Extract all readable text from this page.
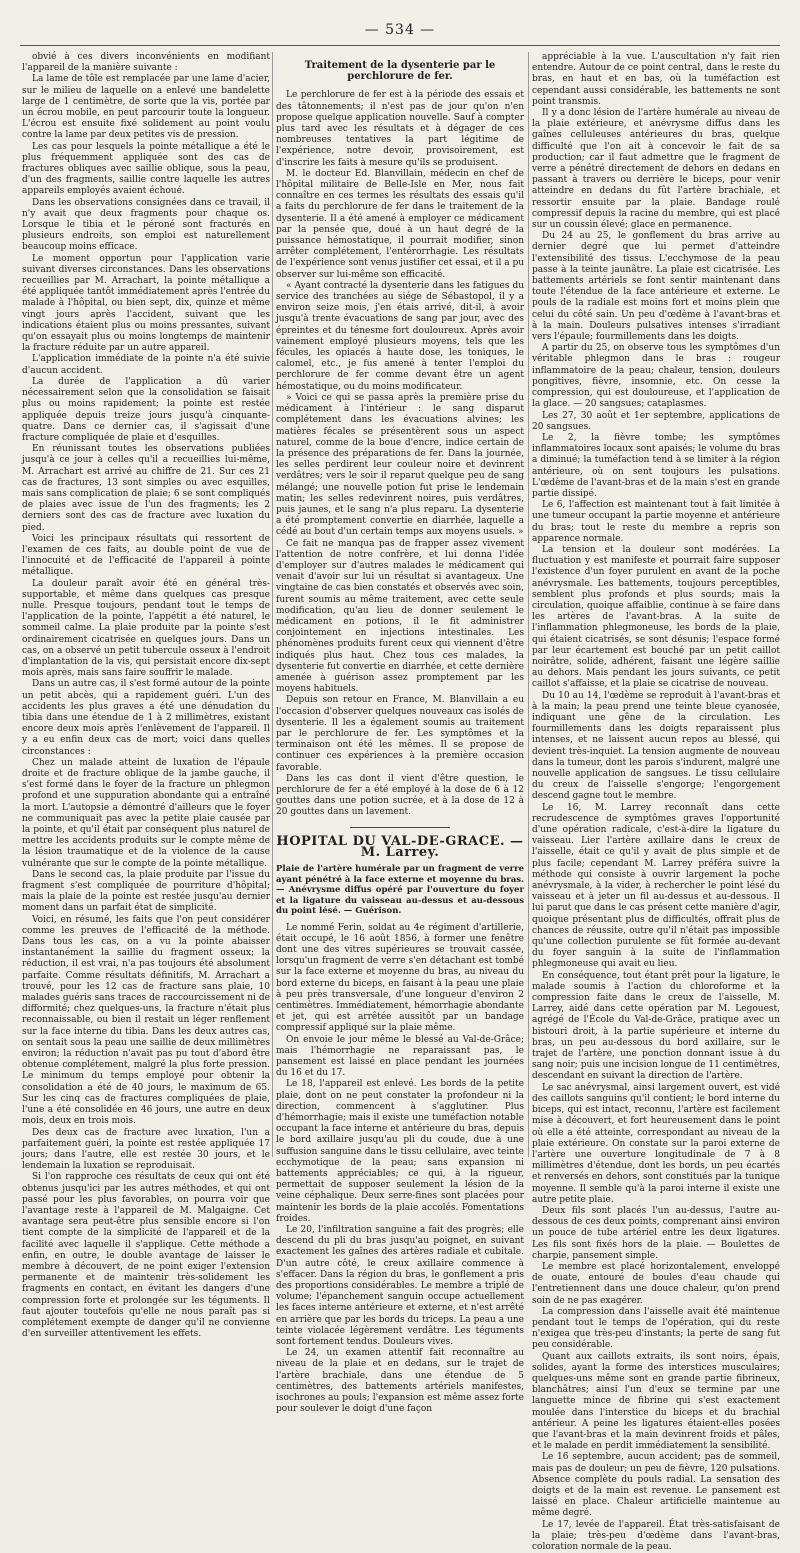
— 534 —

obvié à ces divers inconvénients en modifiant l'appareil de la manière suivante :

La lame de tôle est remplacée par une lame d'acier, sur le milieu de laquelle on a enlevé une bandelette large de 1 centimètre, de sorte que la vis, portée par un écrou mobile, en peut parcourir toute la longueur. L'écrou est ensuite fixé solidement au point voulu contre la lame par deux petites vis de pression.

Les cas pour lesquels la pointe métallique a été le plus fréquemment appliquée sont des cas de fractures obliques avec saillie oblique, sous la peau, d'un des fragments, saillie contre laquelle les autres appareils employés avaient échoué.

Dans les observations consignées dans ce travail, il n'y avait que deux fragments pour chaque os. Lorsque le tibia et le péroné sont fracturés en plusieurs endroits, son emploi est naturellement beaucoup moins efficace.

Le moment opportun pour l'application varie suivant diverses circonstances. Dans les observations recueillies par M. Arrachart, la pointe métallique a été appliquée tantôt immédiatement après l'entrée du malade à l'hôpital, ou bien sept, dix, quinze et même vingt jours après l'accident, suivant que les indications étaient plus ou moins pressantes, suivant qu'on essayait plus ou moins longtemps de maintenir la fracture réduite par un autre appareil.

L'application immédiate de la pointe n'a été suivie d'aucun accident.

La durée de l'application a dû varier nécessairement selon que la consolidation se faisait plus ou moins rapidement; la pointe est restée appliquée depuis treize jours jusqu'à cinquante-quatre. Dans ce dernier cas, il s'agissait d'une fracture compliquée de plaie et d'esquilles.

En réunissant toutes les observations publiées jusqu'à ce jour à celles qu'il a recueillies lui-même, M. Arrachart est arrivé au chiffre de 21. Sur ces 21 cas de fractures, 13 sont simples ou avec esquilles, mais sans complication de plaie; 6 se sont compliqués de plaies avec issue de l'un des fragments; les 2 derniers sont des cas de fracture avec luxation du pied.

Voici les principaux résultats qui ressortent de l'examen de ces faits, au double point de vue de l'innocuité et de l'efficacité de l'appareil à pointe métallique.

La douleur paraît avoir été en général très-supportable, et même dans quelques cas presque nulle. Presque toujours, pendant tout le temps de l'application de la pointe, l'appétit a été naturel, le sommeil calme. La plaie produite par la pointe s'est ordinairement cicatrisée en quelques jours. Dans un cas, on a observé un petit tubercule osseux à l'endroit d'implantation de la vis, qui persistait encore dix-sept mois après, mais sans faire souffrir le malade.

Dans un autre cas, il s'est formé autour de la pointe un petit abcès, qui a rapidement guéri. L'un des accidents les plus graves a été une dénudation du tibia dans une étendue de 1 à 2 millimètres, existant encore deux mois après l'enlèvement de l'appareil. Il y a eu enfin deux cas de mort; voici dans quelles circonstances :

Chez un malade atteint de luxation de l'épaule droite et de fracture oblique de la jambe gauche, il s'est formé dans le foyer de la fracture un phlegmon profond et une suppuration abondante qui a entraîné la mort. L'autopsie a démontré d'ailleurs que le foyer ne communiquait pas avec la petite plaie causée par la pointe, et qu'il était par conséquent plus naturel de mettre les accidents produits sur le compte même de la lésion traumatique et de la violence de la cause vulnérante que sur le compte de la pointe métallique.

Dans le second cas, la plaie produite par l'issue du fragment s'est compliquée de pourriture d'hôpital; mais la plaie de la pointe est restée jusqu'au dernier moment dans un parfait état de simplicité.

Voici, en résumé, les faits que l'on peut considérer comme les preuves de l'efficacité de la méthode. Dans tous les cas, on a vu la pointe abaisser instantanément la saillie du fragment osseux; la réduction, il est vrai, n'a pas toujours été absolument parfaite. Comme résultats définitifs, M. Arrachart a trouvé, pour les 12 cas de fracture sans plaie, 10 malades guéris sans traces de raccourcissement ni de difformité; chez quelques-uns, la fracture n'était plus reconnaissable, ou bien il restait un léger renflement sur la face interne du tibia. Dans les deux autres cas, on sentait sous la peau une saillie de deux millimètres environ; la réduction n'avait pas pu tout d'abord être obtenue complétement, malgré la plus forte pression. Le minimum du temps employé pour obtenir la consolidation a été de 40 jours, le maximum de 65. Sur les cinq cas de fractures compliquées de plaie, l'une a été consolidée en 46 jours, une autre en deux mois, deux en trois mois.

Des deux cas de fracture avec luxation, l'un a parfaitement guéri, la pointe est restée appliquée 17 jours; dans l'autre, elle est restée 30 jours, et le lendemain la luxation se reproduisait.

Si l'on rapproche ces résultats de ceux qui ont été obtenus jusqu'ici par les autres méthodes, et qui ont passé pour les plus favorables, on pourra voir que l'avantage reste à l'appareil de M. Malgaigne. Cet avantage sera peut-être plus sensible encore si l'on tient compte de la simplicité de l'appareil et de la facilité avec laquelle il s'applique. Cette méthode a enfin, en outre, le double avantage de laisser le membre à découvert, de ne point exiger l'extension permanente et de maintenir très-solidement les fragments en contact, en évitant les dangers d'une compression forte et prolongée sur les téguments. Il faut ajouter toutefois qu'elle ne nous paraît pas si complétement exempte de danger qu'il ne convienne d'en surveiller attentivement les effets.

Traitement de la dysenterie par le perchlorure de fer.

Le perchlorure de fer est à la période des essais et des tâtonnements; il n'est pas de jour qu'on n'en propose quelque application nouvelle. Sauf à compter plus tard avec les résultats et à dégager de ces nombreuses tentatives la part légitime de l'expérience, notre devoir, provisoirement, est d'inscrire les faits à mesure qu'ils se produisent.

M. le docteur Ed. Blanvillain, médecin en chef de l'hôpital militaire de Belle-Isle en Mer, nous fait connaître en ces termes les résultats des essais qu'il a faits du perchlorure de fer dans le traitement de la dysenterie. Il a été amené à employer ce médicament par la pensée que, doué à un haut degré de la puissance hémostatique, il pourrait modifier, sinon arrêter complétement, l'entérorrhagie. Les résultats de l'expérience sont venus justifier cet essai, et il a pu observer sur lui-même son efficacité.

« Ayant contracté la dysenterie dans les fatigues du service des tranchées au siége de Sébastopol, il y a environ seize mois, j'en étais arrivé, dit-il, à avoir jusqu'à trente évacuations de sang par jour, avec des épreintes et du ténesme fort douloureux. Après avoir vainement employé plusieurs moyens, tels que les fécules, les opiacés à haute dose, les toniques, le calomel, etc., je fus amené à tenter l'emploi du perchlorure de fer comme devant être un agent hémostatique, ou du moins modificateur.

» Voici ce qui se passa après la première prise du médicament à l'intérieur : le sang disparut complétement dans les évacuations alvines; les matières fécales se présentèrent sous un aspect naturel, comme de la boue d'encre, indice certain de la présence des préparations de fer. Dans la journée, les selles perdirent leur couleur noire et devinrent verdâtres; vers le soir il reparut quelque peu de sang mélangé; une nouvelle potion fut prise le lendemain matin; les selles redevinrent noires, puis verdâtres, puis jaunes, et le sang n'a plus reparu. La dysenterie a été promptement convertie en diarrhée, laquelle a cédé au bout d'un certain temps aux moyens usuels. »

Ce fait ne manqua pas de frapper assez vivement l'attention de notre confrère, et lui donna l'idée d'employer sur d'autres malades le médicament qui venait d'avoir sur lui un résultat si avantageux. Une vingtaine de cas bien constatés et observés avec soin, furent soumis au même traitement, avec cette seule modification, qu'au lieu de donner seulement le médicament en potions, il le fit administrer conjointement en injections intestinales. Les phénomènes produits furent ceux qui viennent d'être indiqués plus haut. Chez tous ces malades, la dysenterie fut convertie en diarrhée, et cette dernière amenée à guérison assez promptement par les moyens habituels.

Depuis son retour en France, M. Blanvillain a eu l'occasion d'observer quelques nouveaux cas isolés de dysenterie. Il les a également soumis au traitement par le perchlorure de fer. Les symptômes et la terminaison ont été les mêmes. Il se propose de continuer ces expériences à la première occasion favorable.

Dans les cas dont il vient d'être question, le perchlorure de fer a été employé à la dose de 6 à 12 gouttes dans une potion sucrée, et à la dose de 12 à 20 gouttes dans un lavement.

HOPITAL DU VAL-DE-GRACE. — M. Larrey.
Plaie de l'artère humérale par un fragment de verre ayant pénétré à la face externe et moyenne du bras. — Anévrysme diffus opéré par l'ouverture du foyer et la ligature du vaisseau au-dessus et au-dessous du point lésé. — Guérison.

Le nommé Ferin, soldat au 4e régiment d'artillerie, était occupé, le 16 août 1856, à former une fenêtre dont une des vitres supérieures se trouvait cassée, lorsqu'un fragment de verre s'en détachant est tombé sur la face externe et moyenne du bras, au niveau du bord externe du biceps, en faisant à la peau une plaie à peu près transversale, d'une longueur d'environ 2 centimètres. Immédiatement, hémorrhagie abondante et jet, qui est arrêtée aussitôt par un bandage compressif appliqué sur la plaie même.

On envoie le jour même le blessé au Val-de-Grâce; mais l'hémorrhagie ne reparaissant pas, le pansement est laissé en place pendant les journées du 16 et du 17.

Le 18, l'appareil est enlevé. Les bords de la petite plaie, dont on ne peut constater la profondeur ni la direction, commencent à s'agglutiner. Plus d'hémorrhagie; mais il existe une tuméfaction notable occupant la face interne et antérieure du bras, depuis le bord axillaire jusqu'au pli du coude, due à une suffusion sanguine dans le tissu cellulaire, avec teinte ecchymotique de la peau; sans expansion ni battements appréciables; ce qui, à la rigueur, permettait de supposer seulement la lésion de la veine céphalique. Deux serre-fines sont placées pour maintenir les bords de la plaie accolés. Fomentations froides.

Le 20, l'infiltration sanguine a fait des progrès; elle descend du pli du bras jusqu'au poignet, en suivant exactement les gaînes des artères radiale et cubitale. D'un autre côté, le creux axillaire commence à s'effacer. Dans la région du bras, le gonflement a pris des proportions considérables. Le membre a triplé de volume; l'épanchement sanguin occupe actuellement les faces interne antérieure et externe, et n'est arrêté en arrière que par les bords du triceps. La peau a une teinte violacée légèrement verdâtre. Les téguments sont fortement tendus. Douleurs vives.

Le 24, un examen attentif fait reconnaître au niveau de la plaie et en dedans, sur le trajet de l'artère brachiale, dans une étendue de 5 centimètres, des battements artériels manifestes, isochrones au pouls; l'expansion est même assez forte pour soulever le doigt d'une façon

appréciable à la vue. L'auscultation n'y fait rien entendre. Autour de ce point central, dans le reste du bras, en haut et en bas, où la tuméfaction est cependant aussi considérable, les battements ne sont point transmis.

Il y a donc lésion de l'artère humérale au niveau de la plaie extérieure, et anévrysme diffus dans les gaînes celluleuses antérieures du bras, quelque difficulté que l'on ait à concevoir le fait de sa production; car il faut admettre que le fragment de verre a pénétré directement de dehors en dedans en passant à travers ou derrière le biceps, pour venir atteindre en dedans du fût l'artère brachiale, et ressortir ensuite par la plaie. Bandage roulé compressif depuis la racine du membre, qui est placé sur un coussin élevé; glace en permanence.

Du 24 au 25, le gonflement du bras arrive au dernier degré que lui permet d'atteindre l'extensibilité des tissus. L'ecchymose de la peau passe à la teinte jaunâtre. La plaie est cicatrisée. Les battements artériels se font sentir maintenant dans toute l'étendue de la face antérieure et externe. Le pouls de la radiale est moins fort et moins plein que celui du côté sain. Un peu d'œdème à l'avant-bras et à la main. Douleurs pulsatives intenses s'irradiant vers l'épaule; fourmillements dans les doigts.

A partir du 25, on observe tous les symptômes d'un véritable phlegmon dans le bras : rougeur inflammatoire de la peau; chaleur, tension, douleurs pongitives, fièvre, insomnie, etc. On cesse la compression, qui est douloureuse, et l'application de la glace. — 20 sangsues; cataplasmes.

Les 27, 30 août et 1er septembre, applications de 20 sangsues.

Le 2, la fièvre tombe; les symptômes inflammatoires locaux sont apaisés; le volume du bras a diminué; la tuméfaction tend à se limiter à la région antérieure, où on sent toujours les pulsations. L'œdème de l'avant-bras et de la main s'est en grande partie dissipé.

Le 6, l'affection est maintenant tout à fait limitée à une tumeur occupant la partie moyenne et antérieure du bras; tout le reste du membre a repris son apparence normale.

La tension et la douleur sont modérées. La fluctuation y est manifeste et pourrait faire supposer l'existence d'un foyer purulent en avant de la poche anévrysmale. Les battements, toujours perceptibles, semblent plus profonds et plus sourds; mais la circulation, quoique affaiblie, continue à se faire dans les artères de l'avant-bras. A la suite de l'inflammation phlegmoneuse, les bords de la plaie, qui étaient cicatrisés, se sont désunis; l'espace formé par leur écartement est bouché par un petit caillot noirâtre, solide, adhérent, faisant une légère saillie au dehors. Mais pendant les jours suivants, ce petit caillot s'affaisse, et la plaie se cicatrise de nouveau.

Du 10 au 14, l'œdème se reproduit à l'avant-bras et à la main; la peau prend une teinte bleue cyanosée, indiquant une gêne de la circulation. Les fourmillements dans les doigts reparaissent plus intenses, et ne laissent aucun repos au blessé, qui devient très-inquiet. La tension augmente de nouveau dans la tumeur, dont les parois s'indurent, malgré une nouvelle application de sangsues. Le tissu cellulaire du creux de l'aisselle s'engorge; l'engorgement descend gagne tout le membre.

Le 16, M. Larrey reconnaît dans cette recrudescence de symptômes graves l'opportunité d'une opération radicale, c'est-à-dire la ligature du vaisseau. Lier l'artère axillaire dans le creux de l'aisselle, était ce qu'il y avait de plus simple et de plus facile; cependant M. Larrey préféra suivre la méthode qui consiste à ouvrir largement la poche anévrysmale, à la vider, à rechercher le point lésé du vaisseau et à jeter un fil au-dessus et au-dessous. Il lui parut que dans le cas présent cette manière d'agir, quoique présentant plus de difficultés, offrait plus de chances de réussite, outre qu'il n'était pas impossible qu'une collection purulente se fût formée au-devant du foyer sanguin à la suite de l'inflammation phlegmoneuse qui avait eu lieu.

En conséquence, tout étant prêt pour la ligature, le malade soumis à l'action du chloroforme et la compression faite dans le creux de l'aisselle, M. Larrey, aidé dans cette opération par M. Legouest, agrégé de l'École du Val-de-Grâce, pratique avec un bistouri droit, à la partie supérieure et interne du bras, un peu au-dessous du bord axillaire, sur le trajet de l'artère, une ponction donnant issue à du sang noir; puis une incision longue de 11 centimètres, descendant en suivant la direction de l'artère.

Le sac anévrysmal, ainsi largement ouvert, est vidé des caillots sanguins qu'il contient; le bord interne du biceps, qui est intact, reconnu, l'artère est facilement mise à découvert, et fort heureusement dans le point où elle a été atteinte, correspondant au niveau de la plaie extérieure. On constate sur la paroi externe de l'artère une ouverture longitudinale de 7 à 8 millimètres d'étendue, dont les bords, un peu écartés et renversés en dehors, sont constitués par la tunique moyenne. Il semble qu'à la paroi interne il existe une autre petite plaie.

Deux fils sont placés l'un au-dessus, l'autre au-dessous de ces deux points, comprenant ainsi environ un pouce de tube artériel entre les deux ligatures. Les fils sont fixés hors de la plaie. — Boulettes de charpie, pansement simple.

Le membre est placé horizontalement, enveloppé de ouate, entouré de boules d'eau chaude qui l'entretiennent dans une douce chaleur, qu'on prend soin de ne pas exagérer.

La compression dans l'aisselle avait été maintenue pendant tout le temps de l'opération, qui du reste n'exigea que très-peu d'instants; la perte de sang fut peu considérable.

Quant aux caillots extraits, ils sont noirs, épais, solides, ayant la forme des interstices musculaires; quelques-uns même sont en grande partie fibrineux, blanchâtres; ainsi l'un d'eux se termine par une languette mince de fibrine qui s'est exactement moulée dans l'interstice du biceps et du brachial antérieur. A peine les ligatures étaient-elles posées que l'avant-bras et la main devinrent froids et pâles, et le malade en perdit immédiatement la sensibilité.

Le 16 septembre, aucun accident; pas de sommeil, mais pas de douleur; un peu de fièvre, 120 pulsations. Absence complète du pouls radial. La sensation des doigts et de la main est revenue. Le pansement est laissé en place. Chaleur artificielle maintenue au même degré.

Le 17, levée de l'appareil. État très-satisfaisant de la plaie; très-peu d'œdème dans l'avant-bras, coloration normale de la peau.
